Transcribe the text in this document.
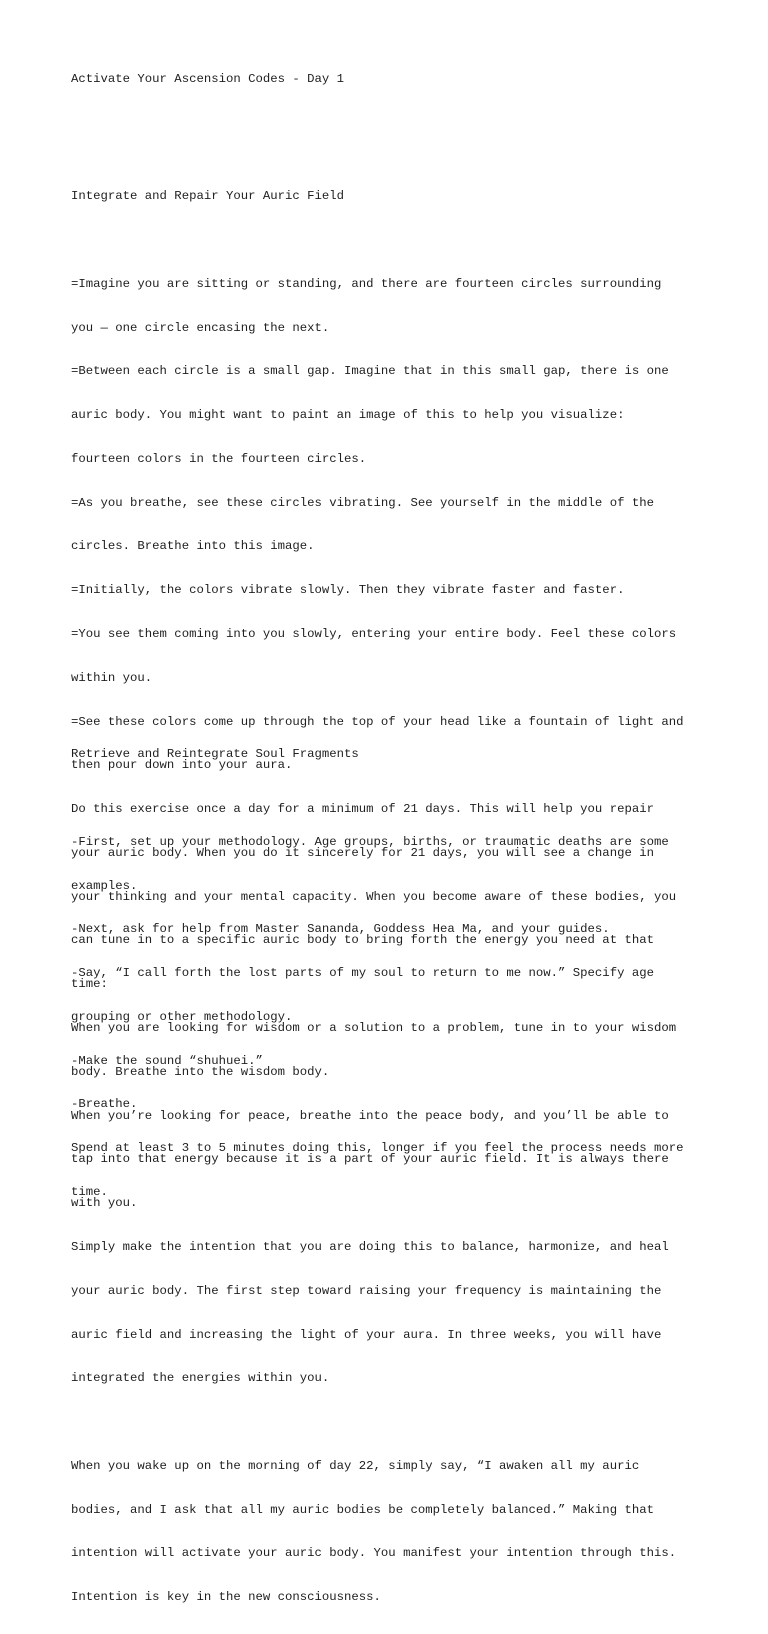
Activate Your Ascension Codes - Day 1

Integrate and Repair Your Auric Field

=Imagine you are sitting or standing, and there are fourteen circles surrounding

you — one circle encasing the next.

=Between each circle is a small gap. Imagine that in this small gap, there is one

auric body. You might want to paint an image of this to help you visualize:

fourteen colors in the fourteen circles.

=As you breathe, see these circles vibrating. See yourself in the middle of the

circles. Breathe into this image.

=Initially, the colors vibrate slowly. Then they vibrate faster and faster.

=You see them coming into you slowly, entering your entire body. Feel these colors

within you.

=See these colors come up through the top of your head like a fountain of light and

then pour down into your aura.

Do this exercise once a day for a minimum of 21 days. This will help you repair

your auric body. When you do it sincerely for 21 days, you will see a change in

your thinking and your mental capacity. When you become aware of these bodies, you

can tune in to a specific auric body to bring forth the energy you need at that

time:

When you are looking for wisdom or a solution to a problem, tune in to your wisdom

body. Breathe into the wisdom body.

When you’re looking for peace, breathe into the peace body, and you’ll be able to

tap into that energy because it is a part of your auric field. It is always there

with you.

Simply make the intention that you are doing this to balance, harmonize, and heal

your auric body. The first step toward raising your frequency is maintaining the

auric field and increasing the light of your aura. In three weeks, you will have

integrated the energies within you.

When you wake up on the morning of day 22, simply say, “I awaken all my auric

bodies, and I ask that all my auric bodies be completely balanced.” Making that

intention will activate your auric body. You manifest your intention through this.

Intention is key in the new consciousness.

Retrieve and Reintegrate Soul Fragments

-First, set up your methodology. Age groups, births, or traumatic deaths are some

examples.

-Next, ask for help from Master Sananda, Goddess Hea Ma, and your guides.

-Say, “I call forth the lost parts of my soul to return to me now.” Specify age

grouping or other methodology.

-Make the sound “shuhuei.”

-Breathe.

Spend at least 3 to 5 minutes doing this, longer if you feel the process needs more

time.
